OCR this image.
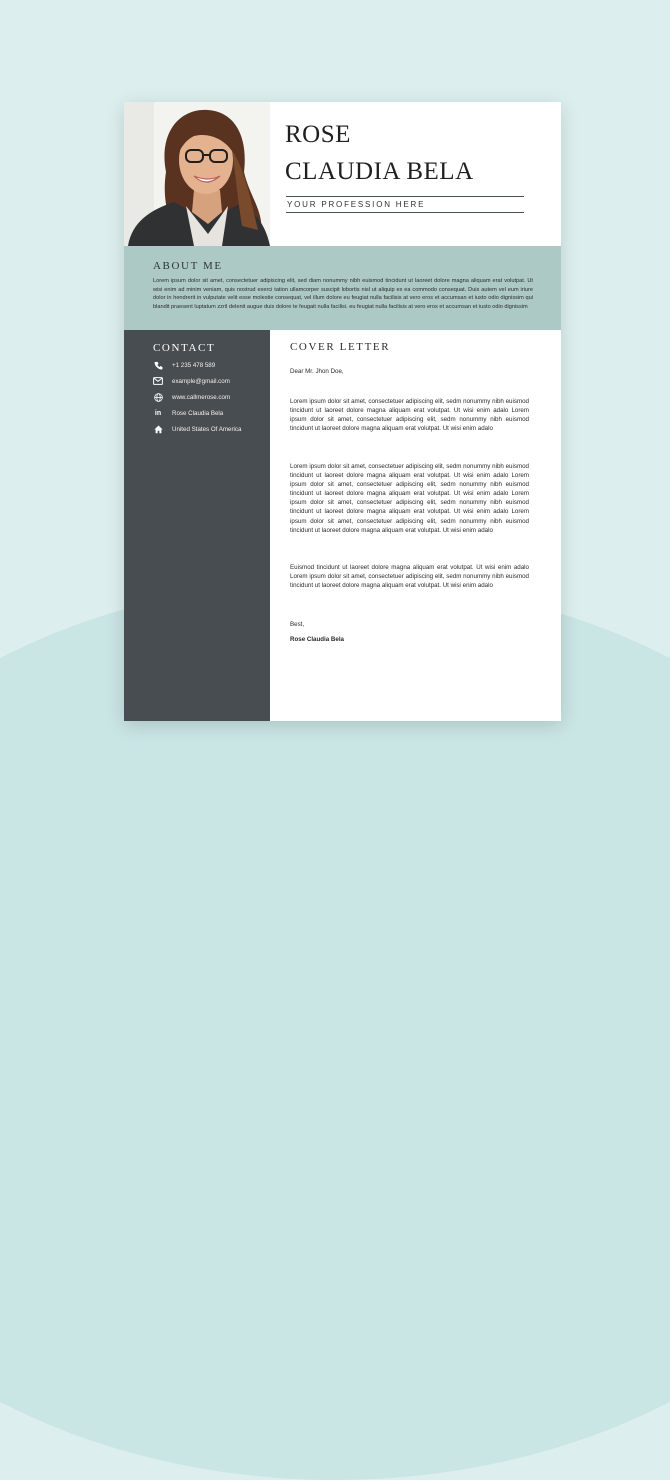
ROSE
CLAUDIA BELA
YOUR PROFESSION HERE
ABOUT ME
Lorem ipsum dolor sit amet, consectetuer adipiscing elit, sed diam nonummy nibh euismod tincidunt ut laoreet dolore magna aliquam erat volutpat. Ut wisi enim ad minim veniam, quis nostrud exerci tation ullamcorper suscipit lobortis nisl ut aliquip ex ea commodo consequat. Duis autem vel eum iriure dolor in hendrerit in vulputate velit esse molestie consequat, vel illum dolore eu feugiat nulla facilisis at vero eros et accumsan et iusto odio dignissim qui blandit praesent luptatum zzril delenit augue duis dolore te feugait nulla facilisi. eu feugiat nulla facilisis at vero eros et accumsan et iusto odio dignissim
CONTACT
+1 235 478 589
example@gmail.com
www.callmerose.com
in	Rose Claudia Bela
United States Of America
COVER LETTER
Dear Mr. Jhon Doe,
Lorem ipsum dolor sit amet, consectetuer adipiscing elit, sedm nonummy nibh euismod tincidunt ut laoreet dolore magna aliquam erat volutpat. Ut wisi enim adalo Lorem ipsum dolor sit amet, consectetuer adipiscing elit, sedm nonummy nibh euismod tincidunt ut laoreet dolore magna aliquam erat volutpat. Ut wisi enim adalo
Lorem ipsum dolor sit amet, consectetuer adipiscing elit, sedm nonummy nibh euismod tincidunt ut laoreet dolore magna aliquam erat volutpat. Ut wisi enim adalo Lorem ipsum dolor sit amet, consectetuer adipiscing elit, sedm nonummy nibh euismod tincidunt ut laoreet dolore magna aliquam erat volutpat. Ut wisi enim adalo Lorem ipsum dolor sit amet, consectetuer adipiscing elit, sedm nonummy nibh euismod tincidunt ut laoreet dolore magna aliquam erat volutpat. Ut wisi enim adalo Lorem ipsum dolor sit amet, consectetuer adipiscing elit, sedm nonummy nibh euismod tincidunt ut laoreet dolore magna aliquam erat volutpat. Ut wisi enim adalo
Euismod tincidunt ut laoreet dolore magna aliquam erat volutpat. Ut wisi enim adalo Lorem ipsum dolor sit amet, consectetuer adipiscing elit, sedm nonummy nibh euismod tincidunt ut laoreet dolore magna aliquam erat volutpat. Ut wisi enim adalo
Best,
Rose Claudia Bela
